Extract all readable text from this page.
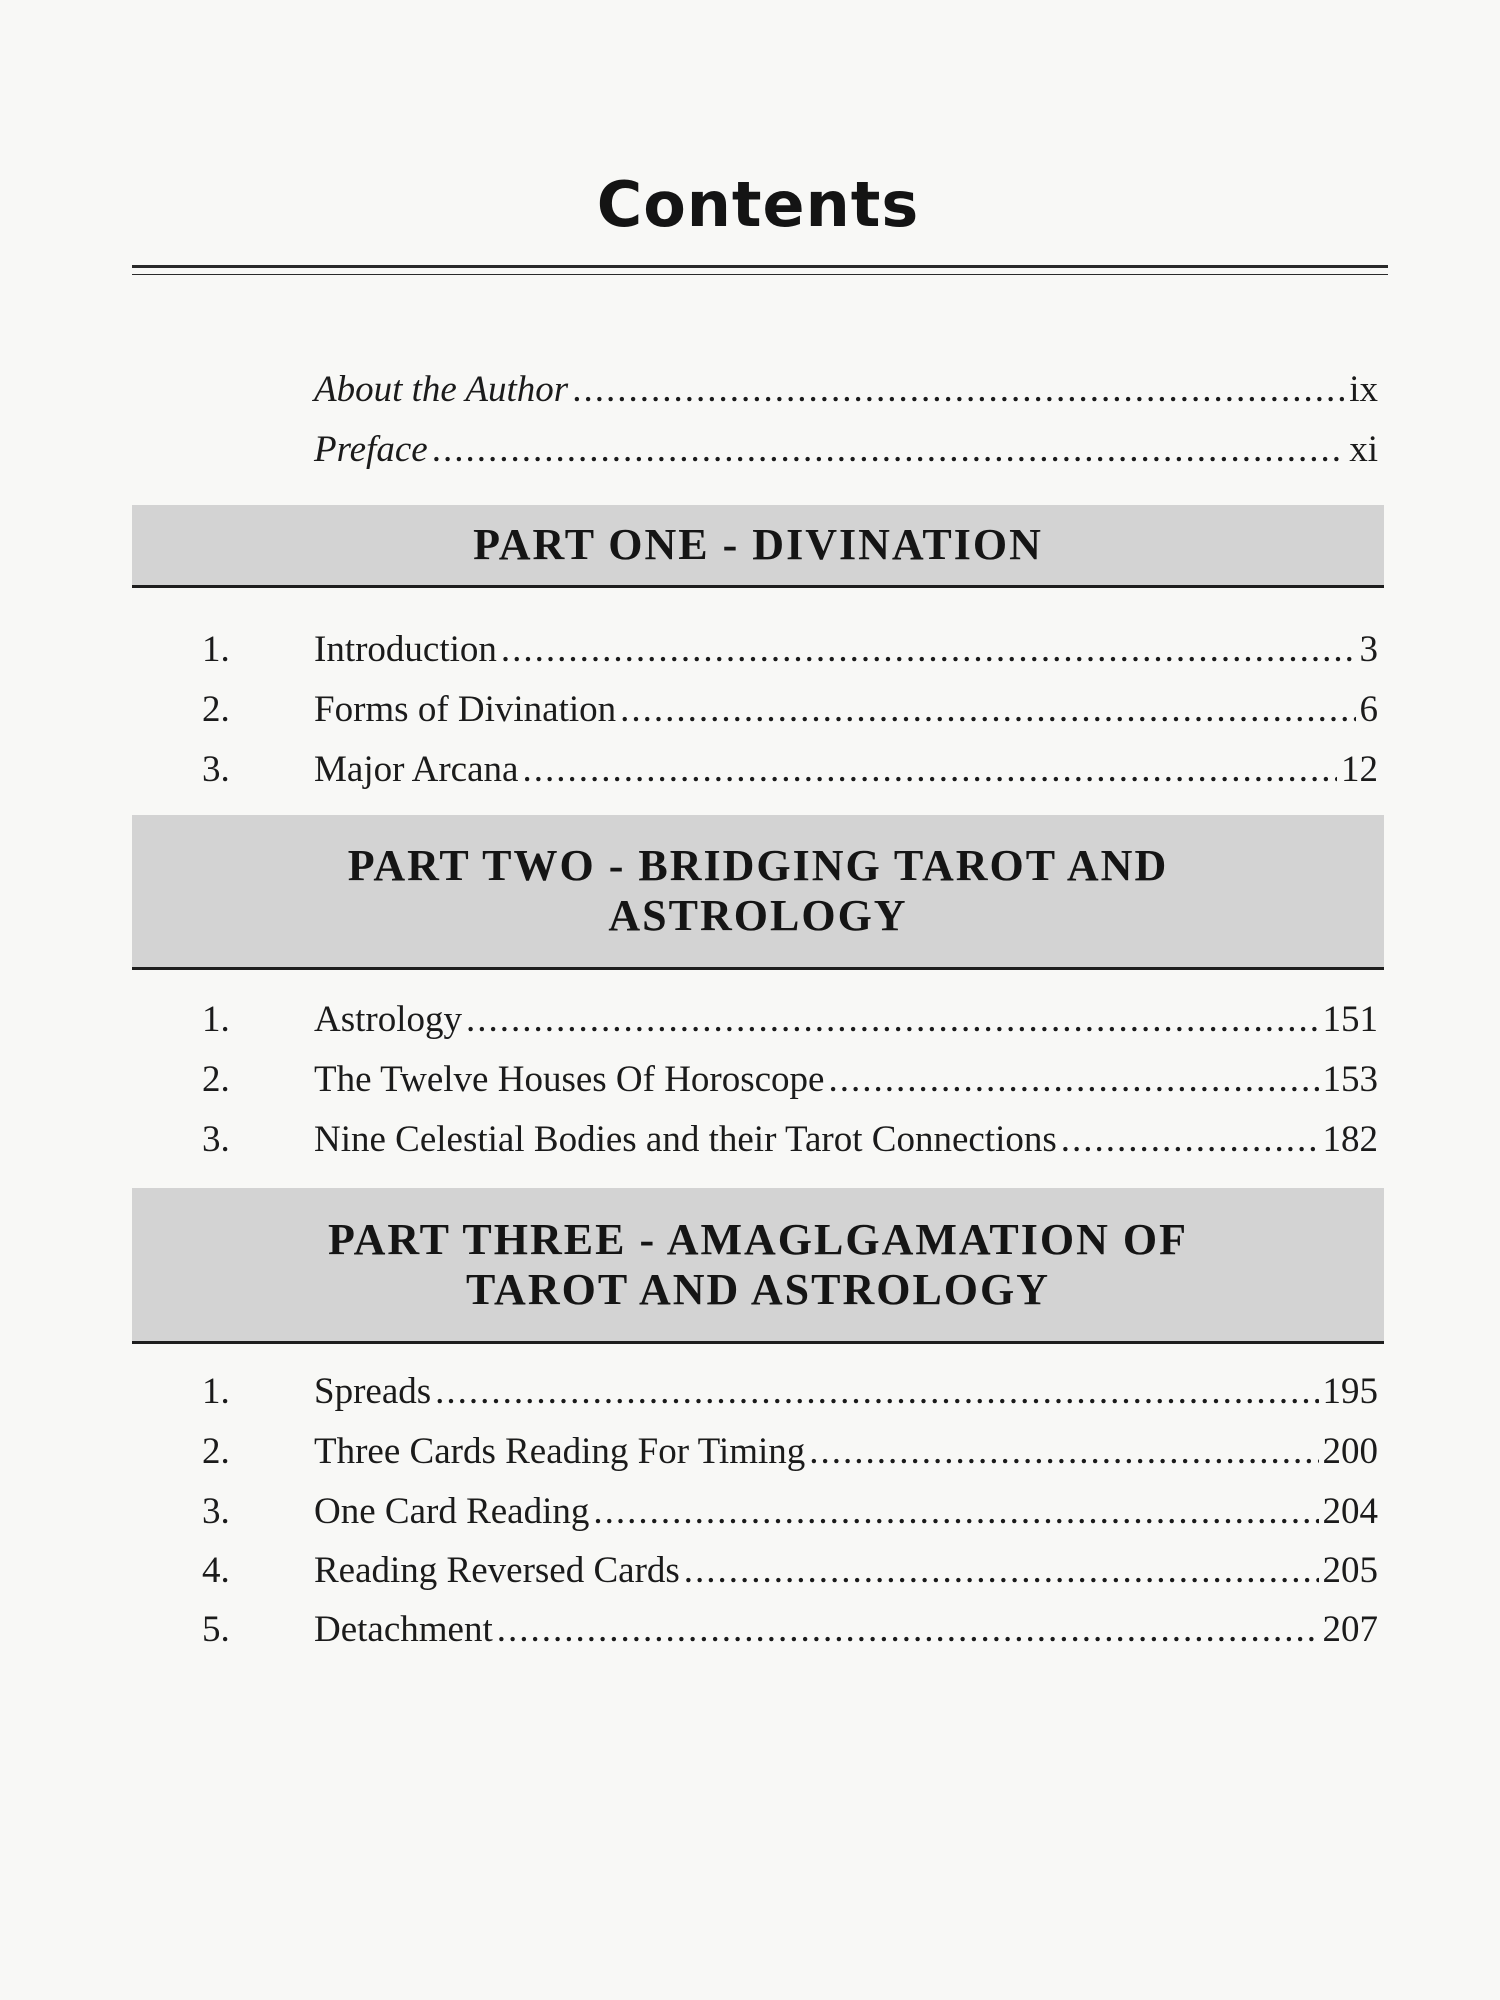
Contents
About the Author .....	ix
Preface .....	xi
PART ONE - DIVINATION
1.	Introduction .....	3
2.	Forms of Divination .....	6
3.	Major Arcana .....	12
PART TWO - BRIDGING TAROT AND
ASTROLOGY
1.	Astrology .....	151
2.	The Twelve Houses Of Horoscope .....	153
3.	Nine Celestial Bodies and their Tarot Connections .....	182
PART THREE - AMAGLGAMATION OF
TAROT AND ASTROLOGY
1.	Spreads .....	195
2.	Three Cards Reading For Timing .....	200
3.	One Card Reading .....	204
4.	Reading Reversed Cards .....	205
5.	Detachment .....	207
